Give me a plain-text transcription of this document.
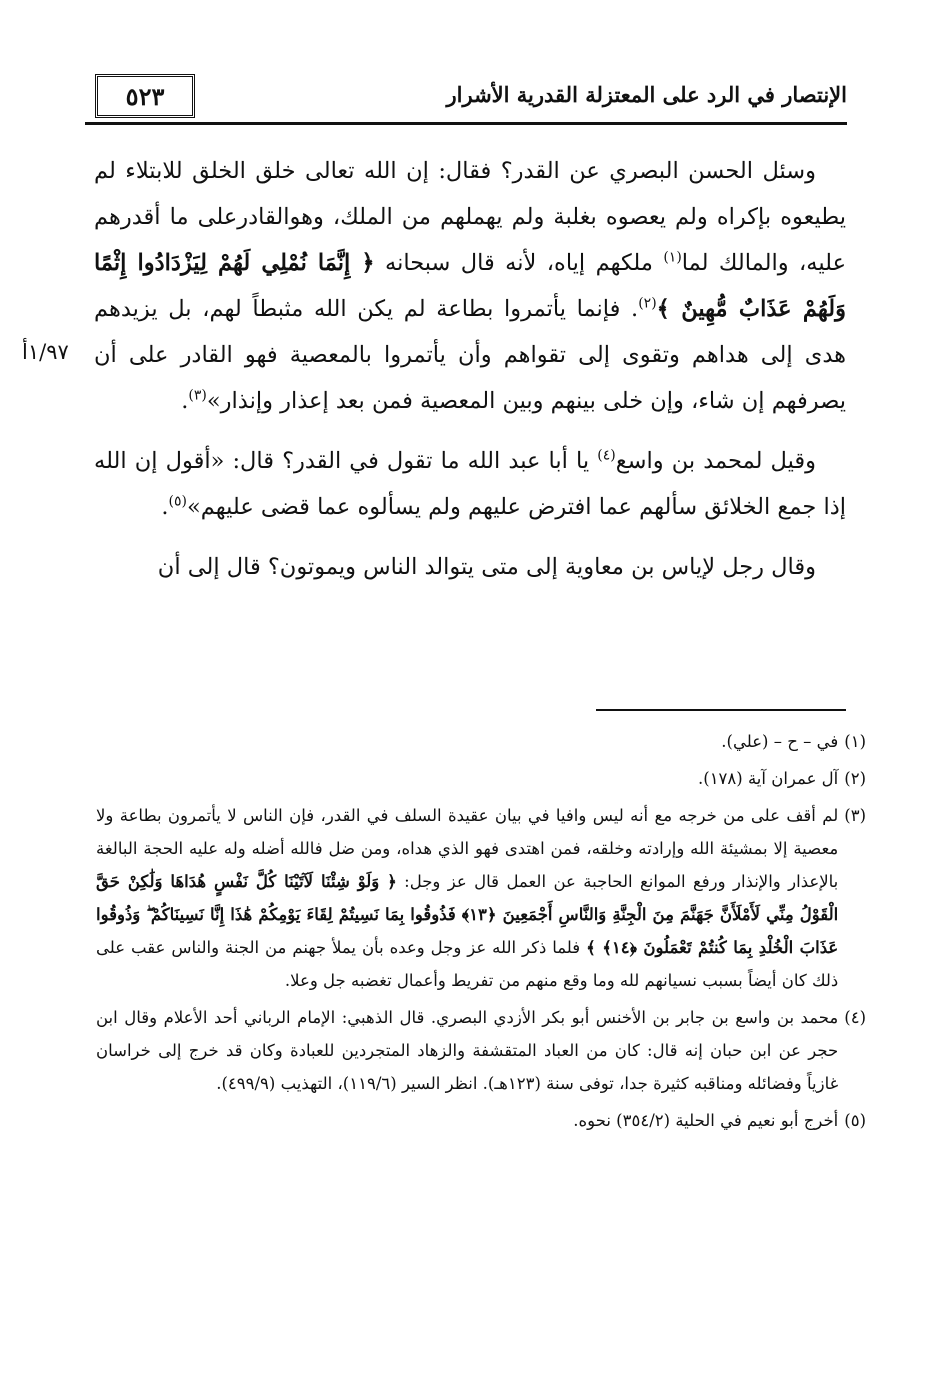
٥٢٣	الإنتصار في الرد على المعتزلة القدرية الأشرار
١/٩٧أ

وسئل الحسن البصري عن القدر؟ فقال: إن الله تعالى خلق الخلق للابتلاء لم يطيعوه بإكراه ولم يعصوه بغلبة ولم يهملهم من الملك، وهوالقادرعلى ما أقدرهم عليه، والمالك لما$^{(١)}$ ملكهم إياه، لأنه قال سبحانه ﴿ إِنَّمَا نُمْلِي لَهُمْ لِيَزْدَادُوا إِثْمًا وَلَهُمْ عَذَابٌ مُّهِينٌ ﴾$^{(٢)}$. فإنما يأتمروا بطاعة لم يكن الله مثبطاً لهم، بل يزيدهم هدى إلى هداهم وتقوى إلى تقواهم وأن يأتمروا بالمعصية فهو القادر على أن يصرفهم إن شاء، وإن خلى بينهم وبين المعصية فمن بعد إعذار وإنذار»$^{(٣)}$.

وقيل لمحمد بن واسع$^{(٤)}$ يا أبا عبد الله ما تقول في القدر؟ قال: «أقول إن الله إذا جمع الخلائق سألهم عما افترض عليهم ولم يسألوه عما قضى عليهم»$^{(٥)}$.

وقال رجل لإياس بن معاوية إلى متى يتوالد الناس ويموتون؟ قال إلى أن

(١)
في – ح – (علي).
(٢)
آل عمران آية (١٧٨).
(٣)
لم أقف على من خرجه مع أنه ليس وافيا في بيان عقيدة السلف في القدر، فإن الناس لا يأتمرون بطاعة ولا معصية إلا بمشيئة الله وإرادته وخلقه، فمن اهتدى فهو الذي هداه، ومن ضل فالله أضله وله عليه الحجة البالغة بالإعذار والإنذار ورفع الموانع الحاجبة عن العمل قال عز وجل: ﴿ وَلَوْ شِئْنَا لَآتَيْنَا كُلَّ نَفْسٍ هُدَاهَا وَلَٰكِنْ حَقَّ الْقَوْلُ مِنِّي لَأَمْلَأَنَّ جَهَنَّمَ مِنَ الْجِنَّةِ وَالنَّاسِ أَجْمَعِينَ ﴿١٣﴾ فَذُوقُوا بِمَا نَسِيتُمْ لِقَاءَ يَوْمِكُمْ هَٰذَا إِنَّا نَسِينَاكُمْ ۖ وَذُوقُوا عَذَابَ الْخُلْدِ بِمَا كُنتُمْ تَعْمَلُونَ ﴿١٤﴾ ﴾ فلما ذكر الله عز وجل وعده بأن يملأ جهنم من الجنة والناس عقب على ذلك كان أيضاً بسبب نسيانهم لله وما وقع منهم من تفريط وأعمال تغضبه جل وعلا.
(٤)
محمد بن واسع بن جابر بن الأخنس أبو بكر الأزدي البصري. قال الذهبي: الإمام الرباني أحد الأعلام وقال ابن حجر عن ابن حبان إنه قال: كان من العباد المتقشفة والزهاد المتجردين للعبادة وكان قد خرج إلى خراسان غازياً وفضائله ومناقبه كثيرة جدا، توفى سنة (١٢٣هـ). انظر السير (١١٩/٦)، التهذيب (٤٩٩/٩).
(٥)
أخرج أبو نعيم في الحلية (٣٥٤/٢) نحوه.
